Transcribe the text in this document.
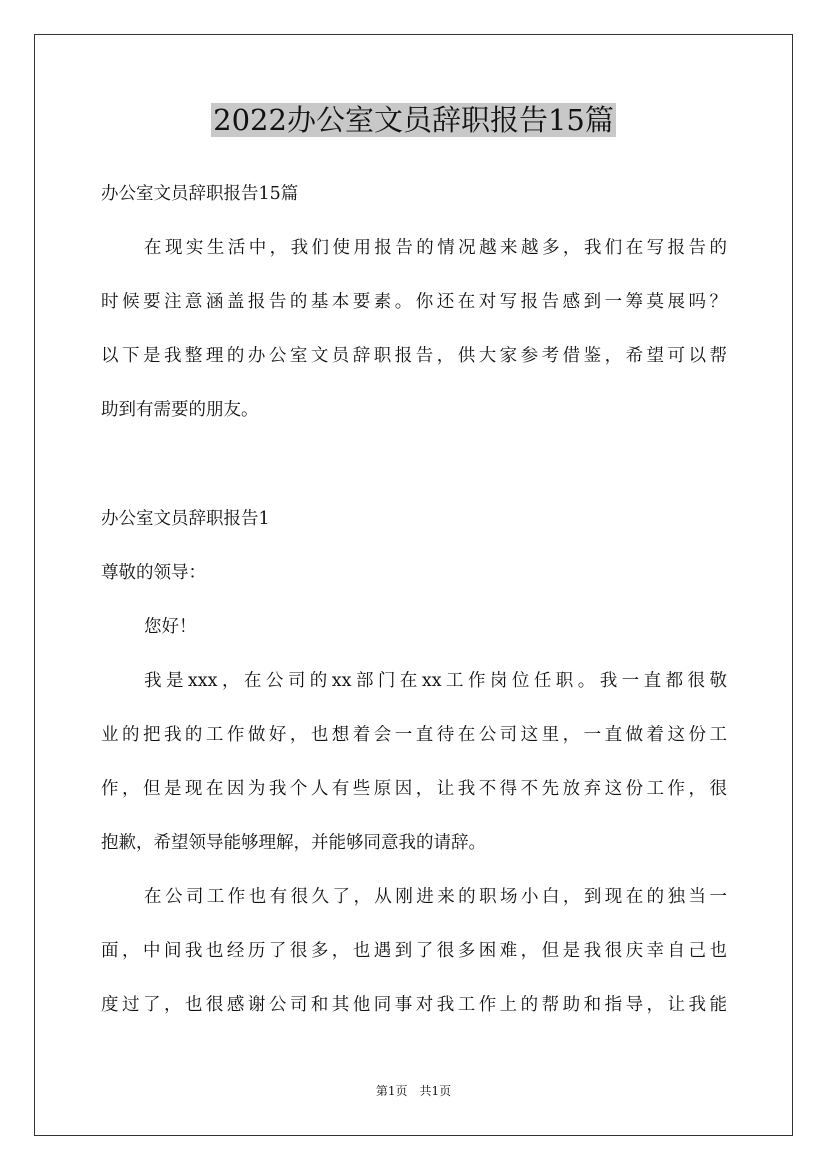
2022办公室文员辞职报告15篇
办公室文员辞职报告15篇
在现实生活中，我们使用报告的情况越来越多，我们在写报告的
时候要注意涵盖报告的基本要素。你还在对写报告感到一筹莫展吗？
以下是我整理的办公室文员辞职报告，供大家参考借鉴，希望可以帮
助到有需要的朋友。
办公室文员辞职报告1
尊敬的领导：
您好！
我是xxx，在公司的xx部门在xx工作岗位任职。我一直都很敬
业的把我的工作做好，也想着会一直待在公司这里，一直做着这份工
作，但是现在因为我个人有些原因，让我不得不先放弃这份工作，很
抱歉，希望领导能够理解，并能够同意我的请辞。
在公司工作也有很久了，从刚进来的职场小白，到现在的独当一
面，中间我也经历了很多，也遇到了很多困难，但是我很庆幸自己也
度过了，也很感谢公司和其他同事对我工作上的帮助和指导，让我能
第1页　共1页
